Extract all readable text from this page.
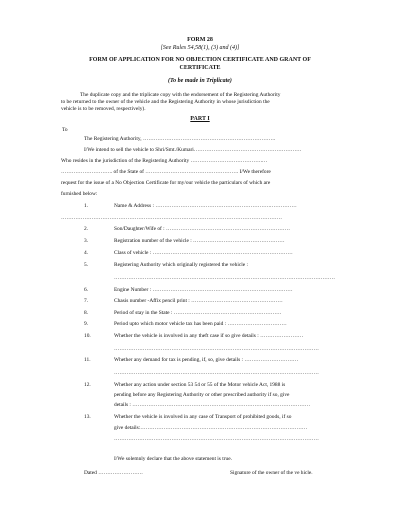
FORM 28
[See Rules 54,58(1), (3) and (4)]
FORM OF APPLICATION FOR NO OBJECTION CERTIFICATE AND GRANT OF
CERTIFICATE
(To be made in Triplicate)
The duplicate copy and the triplicate copy with the endorsement of the Registering Authority
to be returned to the owner of the vehicle and the Registering Authority in whose jurisdiction the
vehicle is to be removed, respectively).
PART I
To
The Registering Authority, ………………………………………………………………..
I/We intend to sell the vehicle to Shri/Smt./Kumari……………………………………………………
Who resides in the jurisdiction of the Registering Authority ………………………………….…
……………………….. of the State of ……………………………………………. I/We therefore
request for the issue of a No Objection Certificate for my/our vehicle the particulars of which are
furnished below:
1.	Name & Address : ……………………………………………………….……………
……………………………………………………………………………………………………………
2.	Son/Daughter/Wife of : ……………………………………………………………
3.	Registration number of the vehicle : ……………………………………………
4.	Class of vehicle : ……………………………………………………………………
5.	Registering Authority which originally registered the vehicle :
……………………………………………………………………………………………………………
6.	Engine Number : ……………………………………………………………………
7.	Chasis number -Affix pencil print : ……………………………………………
8.	Period of stay in the State : ……………………………………………………
9.	Period upto which motor vehicle tax has been paid : ……………………………
10.	Whether the vehicle is involved in any theft case if so give details : ……………………
……………………………………………………………………………………………………
11.	Whether any demand for tax is pending, if, so, give details : …………………………
……………………………………………………………………………………………………
12.	Whether any action under section 53 54 or 55 of the Motor vehicle Act, 1988 is
pending before any Registering Authority or other prescribed authority if so, give
details : ………………………………………………………………………………………
13.	Whether the vehicle is involved in any case of Transport of prohibited goods, if so
give details:…………………………………………………………………………………
……………………………………………………………………………………………………
I/We solemnly declare that the above statement is true.
Dated …………………….	Signature of the owner of the ve hicle.
